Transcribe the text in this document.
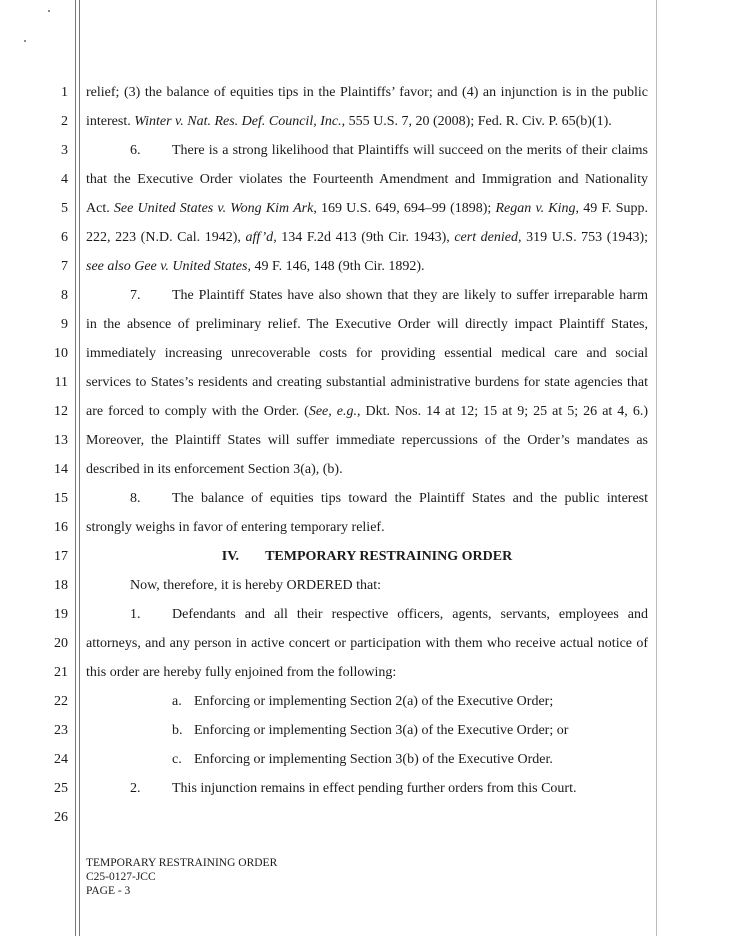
1
2
3
4
5
6
7
8
9
10
11
12
13
14
15
16
17
18
19
20
21
22
23
24
25
26
relief; (3) the balance of equities tips in the Plaintiffs’ favor; and (4) an injunction is in the public
interest. Winter v. Nat. Res. Def. Council, Inc., 555 U.S. 7, 20 (2008); Fed. R. Civ. P. 65(b)(1).
6. There is a strong likelihood that Plaintiffs will succeed on the merits of their claims
that the Executive Order violates the Fourteenth Amendment and Immigration and Nationality
Act. See United States v. Wong Kim Ark, 169 U.S. 649, 694–99 (1898); Regan v. King, 49 F. Supp.
222, 223 (N.D. Cal. 1942), aff’d, 134 F.2d 413 (9th Cir. 1943), cert denied, 319 U.S. 753 (1943);
see also Gee v. United States, 49 F. 146, 148 (9th Cir. 1892).
7. The Plaintiff States have also shown that they are likely to suffer irreparable harm
in the absence of preliminary relief. The Executive Order will directly impact Plaintiff States,
immediately increasing unrecoverable costs for providing essential medical care and social
services to States’s residents and creating substantial administrative burdens for state agencies that
are forced to comply with the Order. (See, e.g., Dkt. Nos. 14 at 12; 15 at 9; 25 at 5; 26 at 4, 6.)
Moreover, the Plaintiff States will suffer immediate repercussions of the Order’s mandates as
described in its enforcement Section 3(a), (b).
8. The balance of equities tips toward the Plaintiff States and the public interest
strongly weighs in favor of entering temporary relief.
IV. TEMPORARY RESTRAINING ORDER
Now, therefore, it is hereby ORDERED that:
1. Defendants and all their respective officers, agents, servants, employees and
attorneys, and any person in active concert or participation with them who receive actual notice of
this order are hereby fully enjoined from the following:
a. Enforcing or implementing Section 2(a) of the Executive Order;
b. Enforcing or implementing Section 3(a) of the Executive Order; or
c. Enforcing or implementing Section 3(b) of the Executive Order.
2. This injunction remains in effect pending further orders from this Court.
TEMPORARY RESTRAINING ORDER
C25-0127-JCC
PAGE - 3
